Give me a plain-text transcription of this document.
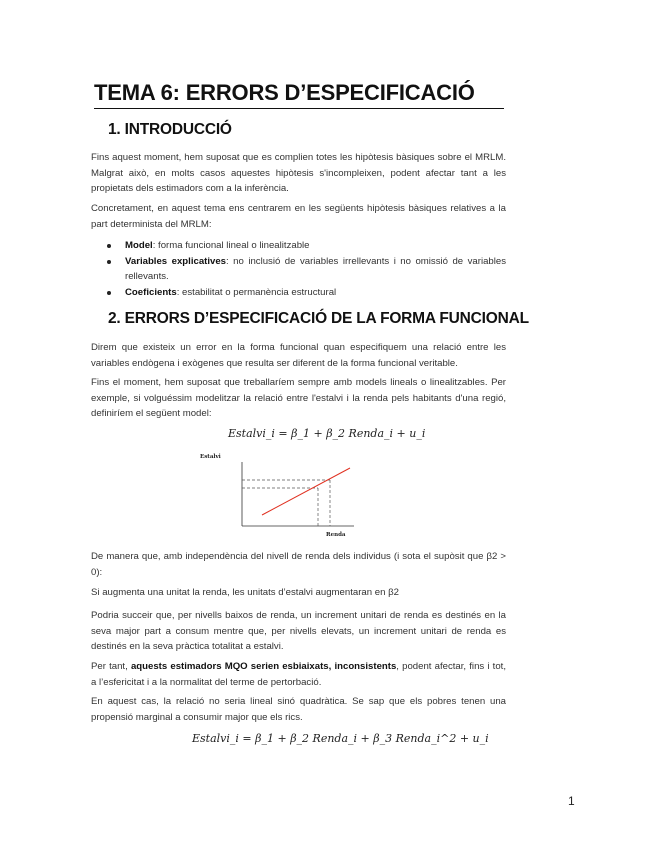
TEMA 6: ERRORS D’ESPECIFICACIÓ
1. INTRODUCCIÓ

Fins aquest moment, hem suposat que es complien totes les hipòtesis bàsiques sobre el MRLM. Malgrat això, en molts casos aquestes hipòtesis s'incompleixen, podent afectar tant a les propietats dels estimadors com a la inferència.

Concretament, en aquest tema ens centrarem en les següents hipòtesis bàsiques relatives a la part determinista del MRLM:

Model: forma funcional lineal o linealitzable
Variables explicatives: no inclusió de variables irrellevants i no omissió de variables rellevants.
Coeficients: estabilitat o permanència estructural
2. ERRORS D’ESPECIFICACIÓ DE LA FORMA FUNCIONAL

Direm que existeix un error en la forma funcional quan especifiquem una relació entre les variables endògena i exògenes que resulta ser diferent de la forma funcional veritable.

Fins el moment, hem suposat que treballaríem sempre amb models lineals o linealitzables. Per exemple, si volguéssim modelitzar la relació entre l'estalvi i la renda pels habitants d'una regió, definiríem el següent model:

Estalvi_i = β_1 + β_2 Renda_i + u_i
Estalvi
Renda

De manera que, amb independència del nivell de renda dels individus (i sota el supòsit que β2 > 0):

Si augmenta una unitat la renda, les unitats d’estalvi augmentaran en β2

Podria succeir que, per nivells baixos de renda, un increment unitari de renda es destinés en la seva major part a consum mentre que, per nivells elevats, un increment unitari de renda es destinés en la seva pràctica totalitat a estalvi.

Per tant, aquests estimadors MQO serien esbiaixats, inconsistents, podent afectar, fins i tot, a l’esfericitat i a la normalitat del terme de pertorbació.

En aquest cas, la relació no seria lineal sinó quadràtica. Se sap que els pobres tenen una propensió marginal a consumir major que els rics.

Estalvi_i = β_1 + β_2 Renda_i + β_3 Renda_i^2 + u_i
1
